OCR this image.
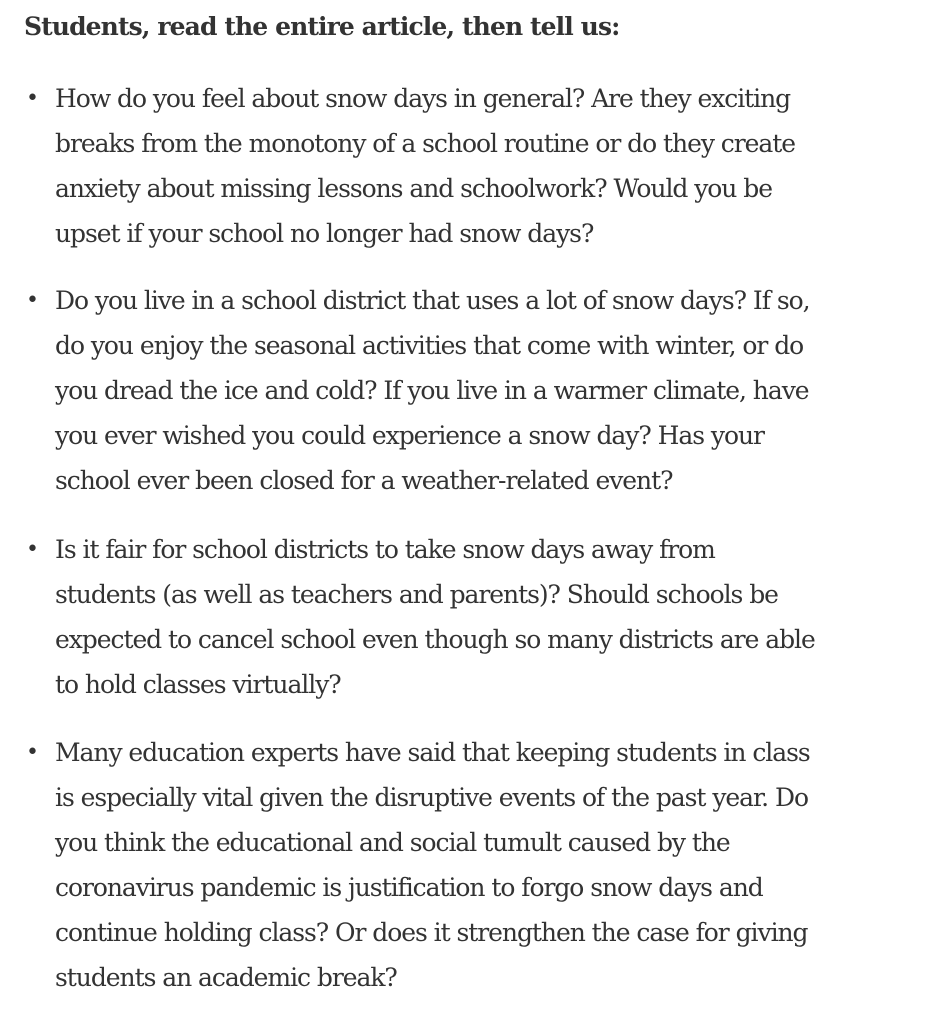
Students, read the entire article, then tell us:
• How do you feel about snow days in general? Are they exciting
breaks from the monotony of a school routine or do they create
anxiety about missing lessons and schoolwork? Would you be
upset if your school no longer had snow days?
• Do you live in a school district that uses a lot of snow days? If so,
do you enjoy the seasonal activities that come with winter, or do
you dread the ice and cold? If you live in a warmer climate, have
you ever wished you could experience a snow day? Has your
school ever been closed for a weather-related event?
• Is it fair for school districts to take snow days away from
students (as well as teachers and parents)? Should schools be
expected to cancel school even though so many districts are able
to hold classes virtually?
• Many education experts have said that keeping students in class
is especially vital given the disruptive events of the past year. Do
you think the educational and social tumult caused by the
coronavirus pandemic is justification to forgo snow days and
continue holding class? Or does it strengthen the case for giving
students an academic break?
